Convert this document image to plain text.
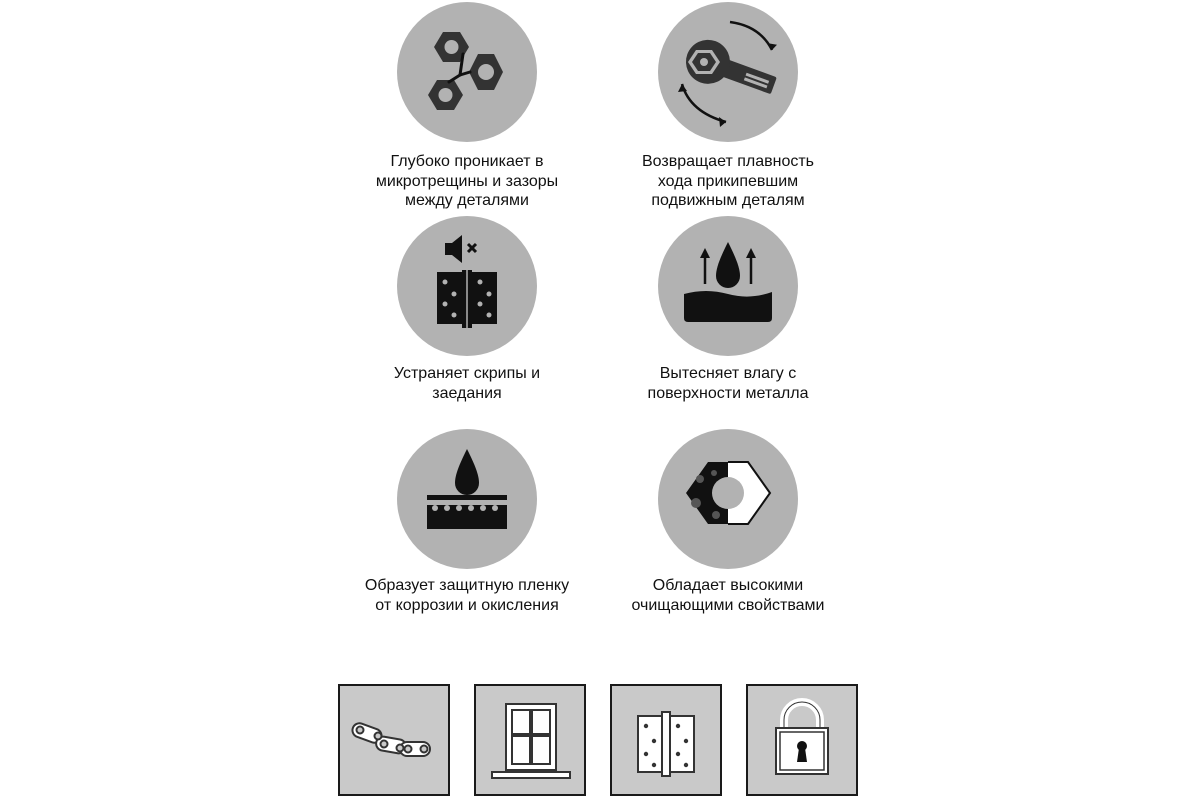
Глубоко проникает в
микротрещины и зазоры
между деталями
Возвращает плавность
хода прикипевшим
подвижным деталям
Устраняет скрипы и
заедания
Вытесняет влагу с
поверхности металла
Образует защитную пленку
от коррозии и окисления
Обладает высокими
очищающими свойствами
